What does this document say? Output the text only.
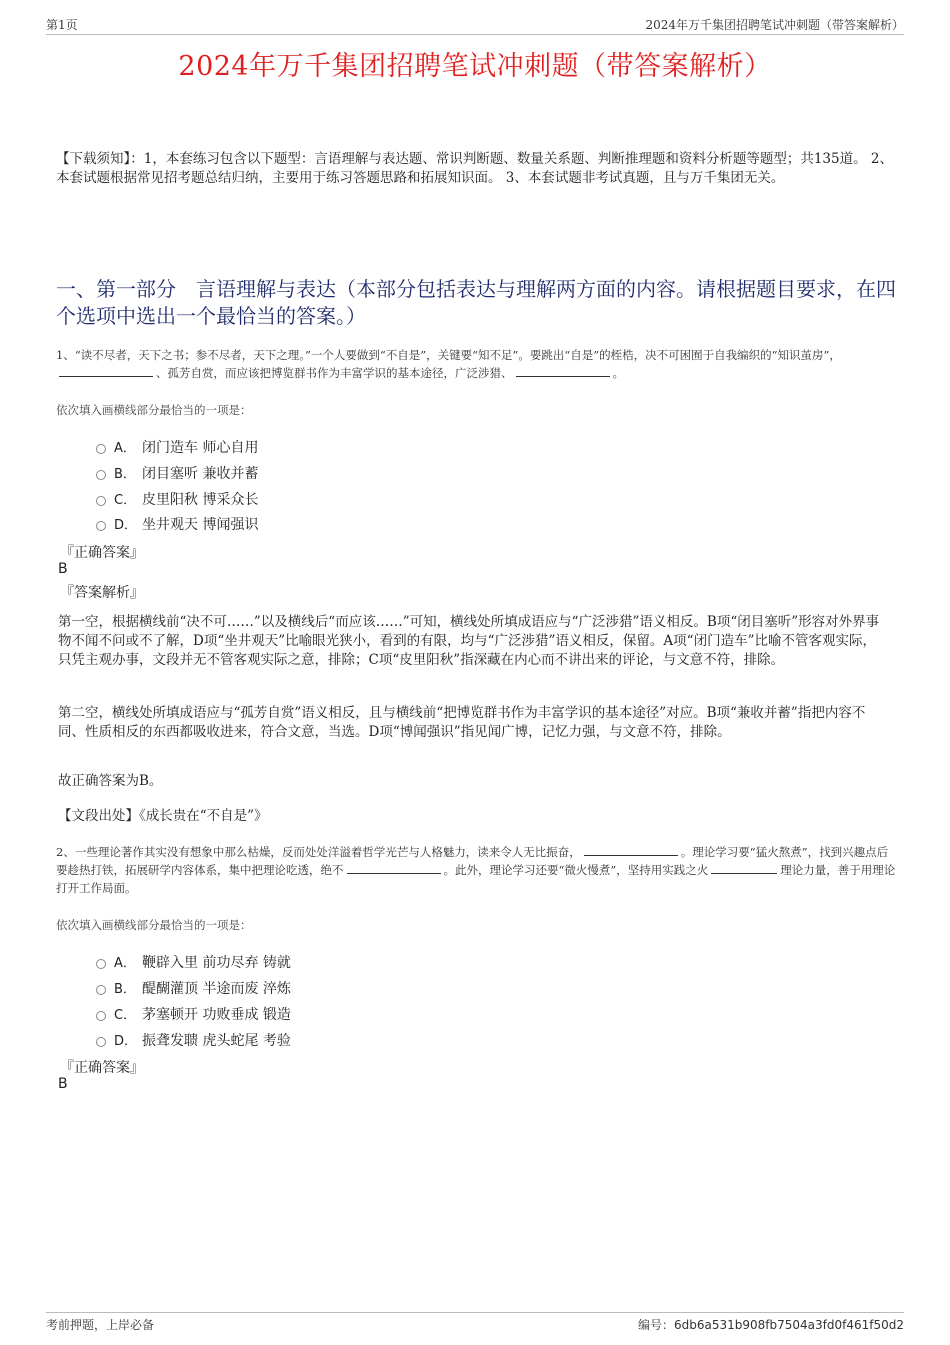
第1页	2024年万千集团招聘笔试冲刺题（带答案解析）
2024年万千集团招聘笔试冲刺题（带答案解析）
【下载须知】：1，本套练习包含以下题型：言语理解与表达题、常识判断题、数量关系题、判断推理题和资料分析题等题型；共135道。 2、本套试题根据常见招考题总结归纳，主要用于练习答题思路和拓展知识面。 3、本套试题非考试真题，且与万千集团无关。
一、第一部分　言语理解与表达（本部分包括表达与理解两方面的内容。请根据题目要求，在四个选项中选出一个最恰当的答案。）
1、“读不尽者，天下之书；参不尽者，天下之理。”一个人要做到“不自是”，关键要“知不足”。要跳出“自是”的桎梏，决不可困囿于自我编织的“知识茧房”，、孤芳自赏，而应该把博览群书作为丰富学识的基本途径，广泛涉猎、	。
依次填入画横线部分最恰当的一项是：
A． 闭门造车 师心自用
B． 闭目塞听 兼收并蓄
C． 皮里阳秋 博采众长
D． 坐井观天 博闻强识
『正确答案』
B
『答案解析』
第一空，根据横线前“决不可……”以及横线后“而应该……”可知，横线处所填成语应与“广泛涉猎”语义相反。B项“闭目塞听”形容对外界事物不闻不问或不了解，D项“坐井观天”比喻眼光狭小，看到的有限，均与“广泛涉猎”语义相反，保留。A项“闭门造车”比喻不管客观实际，只凭主观办事，文段并无不管客观实际之意，排除；C项“皮里阳秋”指深藏在内心而不讲出来的评论，与文意不符，排除。
第二空，横线处所填成语应与“孤芳自赏”语义相反，且与横线前“把博览群书作为丰富学识的基本途径”对应。B项“兼收并蓄”指把内容不同、性质相反的东西都吸收进来，符合文意，当选。D项“博闻强识”指见闻广博，记忆力强，与文意不符，排除。
故正确答案为B。
【文段出处】《成长贵在“不自是”》
2、一些理论著作其实没有想象中那么枯燥，反而处处洋溢着哲学光芒与人格魅力，读来令人无比振奋，	。理论学习要“猛火熬煮”，找到兴趣点后要趁热打铁，拓展研学内容体系，集中把理论吃透，绝不	。此外，理论学习还要“微火慢煮”，坚持用实践之火	理论力量，善于用理论打开工作局面。
依次填入画横线部分最恰当的一项是：
A． 鞭辟入里 前功尽弃 铸就
B． 醍醐灌顶 半途而废 淬炼
C． 茅塞顿开 功败垂成 锻造
D． 振聋发聩 虎头蛇尾 考验
『正确答案』
B
考前押题，上岸必备	编号：6db6a531b908fb7504a3fd0f461f50d2
